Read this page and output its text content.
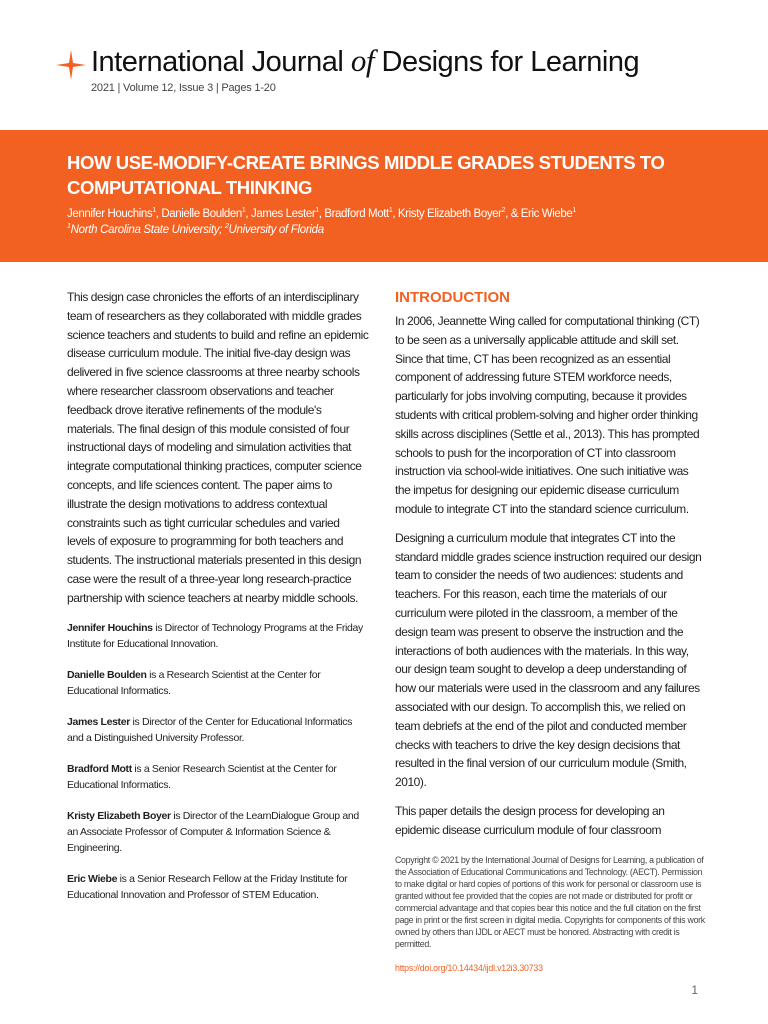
International Journal of Designs for Learning
2021 | Volume 12, Issue 3 | Pages 1-20
HOW USE-MODIFY-CREATE BRINGS MIDDLE GRADES STUDENTS TO COMPUTATIONAL THINKING
Jennifer Houchins$^1$, Danielle Boulden$^1$, James Lester$^1$, Bradford Mott$^1$, Kristy Elizabeth Boyer$^2$, & Eric Wiebe$^1$
$^1$North Carolina State University; $^2$University of Florida
This design case chronicles the efforts of an interdisciplinary team of researchers as they collaborated with middle grades science teachers and students to build and refine an epidemic disease curriculum module. The initial five-day design was delivered in five science classrooms at three nearby schools where researcher classroom observations and teacher feedback drove iterative refinements of the module's materials. The final design of this module consisted of four instructional days of modeling and simulation activities that integrate computational thinking practices, computer science concepts, and life sciences content. The paper aims to illustrate the design motivations to address contextual constraints such as tight curricular schedules and varied levels of exposure to programming for both teachers and students. The instructional materials presented in this design case were the result of a three-year long research-practice partnership with science teachers at nearby middle schools.
Jennifer Houchins is Director of Technology Programs at the Friday Institute for Educational Innovation.
Danielle Boulden is a Research Scientist at the Center for Educational Informatics.
James Lester is Director of the Center for Educational Informatics and a Distinguished University Professor.
Bradford Mott is a Senior Research Scientist at the Center for Educational Informatics.
Kristy Elizabeth Boyer is Director of the LearnDialogue Group and an Associate Professor of Computer & Information Science & Engineering.
Eric Wiebe is a Senior Research Fellow at the Friday Institute for Educational Innovation and Professor of STEM Education.
INTRODUCTION

In 2006, Jeannette Wing called for computational thinking (CT) to be seen as a universally applicable attitude and skill set. Since that time, CT has been recognized as an essential component of addressing future STEM workforce needs, particularly for jobs involving computing, because it provides students with critical problem-solving and higher order thinking skills across disciplines (Settle et al., 2013). This has prompted schools to push for the incorporation of CT into classroom instruction via school-wide initiatives. One such initiative was the impetus for designing our epidemic disease curriculum module to integrate CT into the standard science curriculum.

Designing a curriculum module that integrates CT into the standard middle grades science instruction required our design team to consider the needs of two audiences: students and teachers. For this reason, each time the materials of our curriculum were piloted in the classroom, a member of the design team was present to observe the instruction and the interactions of both audiences with the materials. In this way, our design team sought to develop a deep understanding of how our materials were used in the classroom and any failures associated with our design. To accomplish this, we relied on team debriefs at the end of the pilot and conducted member checks with teachers to drive the key design decisions that resulted in the final version of our curriculum module (Smith, 2010).

This paper details the design process for developing an epidemic disease curriculum module of four classroom

Copyright © 2021 by the International Journal of Designs for Learning, a publication of the Association of Educational Communications and Technology. (AECT). Permission to make digital or hard copies of portions of this work for personal or classroom use is granted without fee provided that the copies are not made or distributed for profit or commercial advantage and that copies bear this notice and the full citation on the first page in print or the first screen in digital media. Copyrights for components of this work owned by others than IJDL or AECT must be honored. Abstracting with credit is permitted.
https://doi.org/10.14434/ijdl.v12i3.30733
1
